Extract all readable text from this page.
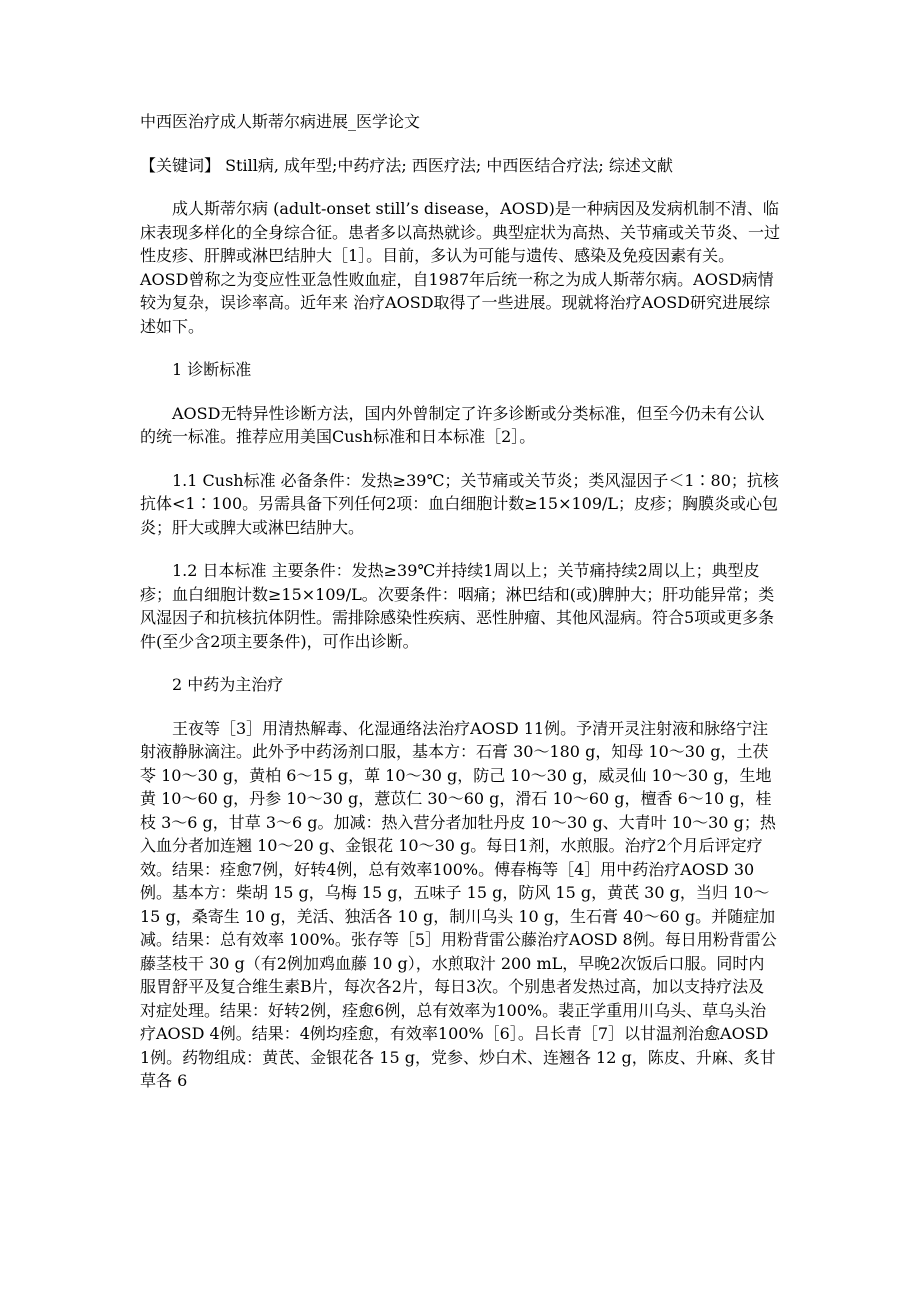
中西医治疗成人斯蒂尔病进展_医学论文

【关键词】 Still病, 成年型;中药疗法; 西医疗法; 中西医结合疗法; 综述文献

成人斯蒂尔病 (adult-onset still’s disease，AOSD)是一种病因及发病机制不清、临床表现多样化的全身综合征。患者多以高热就诊。典型症状为高热、关节痛或关节炎、一过性皮疹、肝脾或淋巴结肿大［1］。目前，多认为可能与遗传、感染及免疫因素有关。AOSD曾称之为变应性亚急性败血症，自1987年后统一称之为成人斯蒂尔病。AOSD病情较为复杂，误诊率高。近年来 治疗AOSD取得了一些进展。现就将治疗AOSD研究进展综述如下。

1 诊断标准

AOSD无特异性诊断方法，国内外曾制定了许多诊断或分类标准，但至今仍未有公认的统一标准。推荐应用美国Cush标准和日本标准［2］。

1.1 Cush标准 必备条件：发热≥39℃；关节痛或关节炎；类风湿因子＜1∶80；抗核抗体<1∶100。另需具备下列任何2项：血白细胞计数≥15×109/L；皮疹；胸膜炎或心包炎；肝大或脾大或淋巴结肿大。

1.2 日本标准 主要条件：发热≥39℃并持续1周以上；关节痛持续2周以上；典型皮疹；血白细胞计数≥15×109/L。次要条件：咽痛；淋巴结和(或)脾肿大；肝功能异常；类风湿因子和抗核抗体阴性。需排除感染性疾病、恶性肿瘤、其他风湿病。符合5项或更多条件(至少含2项主要条件)，可作出诊断。

2 中药为主治疗

王夜等［3］用清热解毒、化湿通络法治疗AOSD 11例。予清开灵注射液和脉络宁注射液静脉滴注。此外予中药汤剂口服，基本方：石膏 30～180 g，知母 10～30 g，土茯苓 10～30 g，黄柏 6～15 g，萆 10～30 g，防己 10～30 g，威灵仙 10～30 g，生地黄 10～60 g，丹参 10～30 g，薏苡仁 30～60 g，滑石 10～60 g，檀香 6～10 g，桂枝 3～6 g，甘草 3～6 g。加减：热入营分者加牡丹皮 10～30 g、大青叶 10～30 g；热入血分者加连翘 10～20 g、金银花 10～30 g。每日1剂，水煎服。治疗2个月后评定疗效。结果：痊愈7例，好转4例，总有效率100%。傅春梅等［4］用中药治疗AOSD 30例。基本方：柴胡 15 g，乌梅 15 g，五味子 15 g，防风 15 g，黄芪 30 g，当归 10～15 g，桑寄生 10 g，羌活、独活各 10 g，制川乌头 10 g，生石膏 40～60 g。并随症加减。结果：总有效率 100%。张存等［5］用粉背雷公藤治疗AOSD 8例。每日用粉背雷公藤茎枝干 30 g（有2例加鸡血藤 10 g），水煎取汁 200 mL，早晚2次饭后口服。同时内服胃舒平及复合维生素B片，每次各2片，每日3次。个别患者发热过高，加以支持疗法及对症处理。结果：好转2例，痊愈6例，总有效率为100%。裴正学重用川乌头、草乌头治疗AOSD 4例。结果：4例均痊愈，有效率100%［6］。吕长青［7］以甘温剂治愈AOSD 1例。药物组成：黄芪、金银花各 15 g，党参、炒白术、连翘各 12 g，陈皮、升麻、炙甘草各 6
